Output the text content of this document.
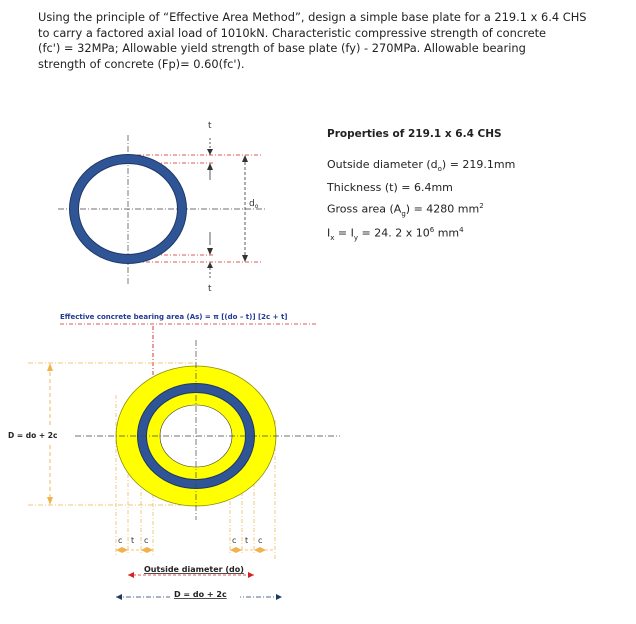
Using the principle of “Effective Area Method”, design a simple base plate for a 219.1 x 6.4 CHS
to carry a factored axial load of 1010kN. Characteristic compressive strength of concrete
(fc') = 32MPa; Allowable yield strength of base plate (fy) - 270MPa. Allowable bearing
strength of concrete (Fp)= 0.60(fc').
Properties of 219.1 x 6.4 CHS
Outside diameter $(d_o) = 219.1mm$
Thickness (t) = 6.4mm
Gross area $(A_g) = 4280$ $mm^2$
$I_x = I_y = 24$. 2 x $10^6$ $mm^4$
t
t
$d_o$
Effective concrete bearing area (As) = π [(do – t)] [2c + t]
D = do + 2c
c t c	c t c
Outside diameter (do)
D = do + 2c
